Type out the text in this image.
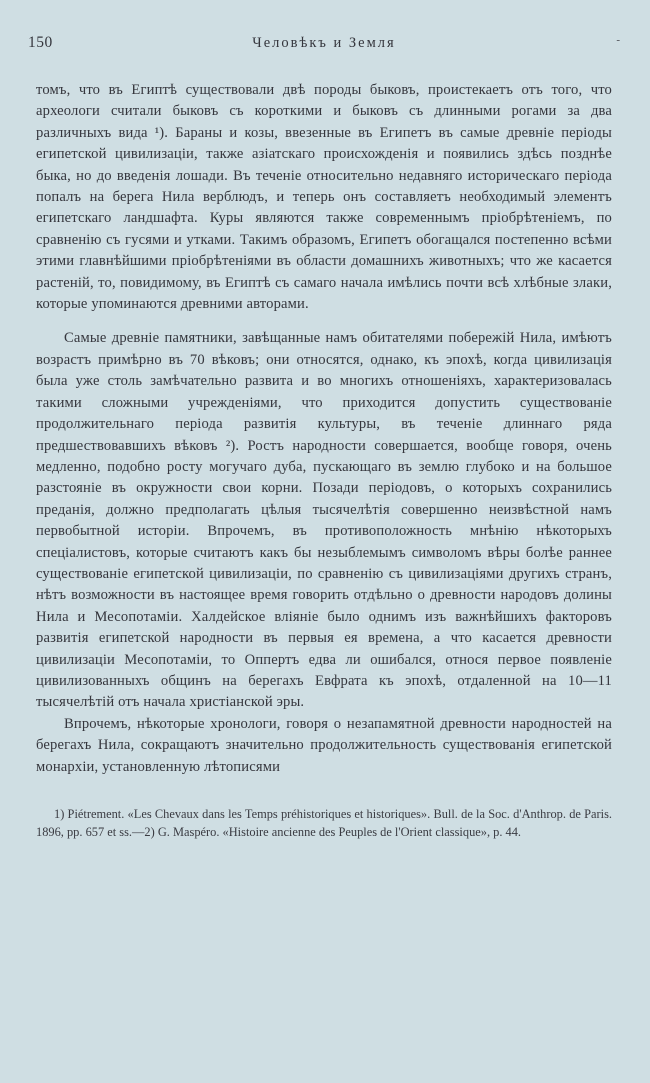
150	Человѣкъ и Земля	-

томъ, что въ Египтѣ существовали двѣ породы быковъ, проистекаетъ отъ того, что археологи считали быковъ съ короткими и быковъ съ длинными рогами за два различныхъ вида ¹). Бараны и козы, ввезенные въ Египетъ въ самые древніе періоды египетской цивилизаціи, также азіатскаго происхожденія и появились здѣсь позднѣе быка, но до введенія лошади. Въ теченіе относительно недавняго историческаго періода попалъ на берега Нила верблюдъ, и теперь онъ составляетъ необходимый элементъ египетскаго ландшафта. Куры являются также современнымъ пріобрѣтеніемъ, по сравненію съ гусями и утками. Такимъ образомъ, Египетъ обогащался постепенно всѣми этими главнѣйшими пріобрѣтеніями въ области домашнихъ животныхъ; что же касается растеній, то, повидимому, въ Египтѣ съ самаго начала имѣлись почти всѣ хлѣбные злаки, которые упоминаются древними авторами.

Самые древніе памятники, завѣщанные намъ обитателями побережій Нила, имѣютъ возрастъ примѣрно въ 70 вѣковъ; они относятся, однако, къ эпохѣ, когда цивилизація была уже столь замѣчательно развита и во многихъ отношеніяхъ, характеризовалась такими сложными учрежденіями, что приходится допустить существованіе продолжительнаго періода развитія культуры, въ теченіе длиннаго ряда предшествовавшихъ вѣковъ ²). Ростъ народности совершается, вообще говоря, очень медленно, подобно росту могучаго дуба, пускающаго въ землю глубоко и на большое разстояніе въ окружности свои корни. Позади періодовъ, о которыхъ сохранились преданія, должно предполагать цѣлыя тысячелѣтія совершенно неизвѣстной намъ первобытной исторіи. Впрочемъ, въ противоположность мнѣнію нѣкоторыхъ спеціалистовъ, которые считаютъ какъ бы незыблемымъ символомъ вѣры болѣе раннее существованіе египетской цивилизаціи, по сравненію съ цивилизаціями другихъ странъ, нѣтъ возможности въ настоящее время говорить отдѣльно о древности народовъ долины Нила и Месопотаміи. Халдейское вліяніе было однимъ изъ важнѣйшихъ факторовъ развитія египетской народности въ первыя ея времена, а что касается древности цивилизаціи Месопотаміи, то Оппертъ едва ли ошибался, относя первое появленіе цивилизованныхъ общинъ на берегахъ Евфрата къ эпохѣ, отдаленной на 10—11 тысячелѣтій отъ начала христіанской эры.

Впрочемъ, нѣкоторые хронологи, говоря о незапамятной древности народностей на берегахъ Нила, сокращаютъ значительно продолжительность существованія египетской монархіи, установленную лѣтописями

1) Piétrement. «Les Chevaux dans les Temps préhistoriques et historiques». Bull. de la Soc. d'Anthrop. de Paris. 1896, pp. 657 et ss.—2) G. Maspéro. «Histoire ancienne des Peuples de l'Orient classique», p. 44.
